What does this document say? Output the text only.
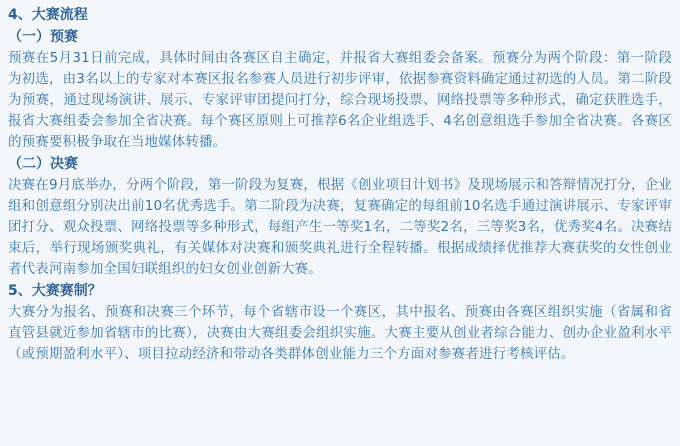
4、大赛流程
（一）预赛

预赛在5月31日前完成，具体时间由各赛区自主确定，并报省大赛组委会备案。预赛分为两个阶段：第一阶段为初选，由3名以上的专家对本赛区报名参赛人员进行初步评审，依据参赛资料确定通过初选的人员。第二阶段为预赛，通过现场演讲、展示、专家评审团提问打分，综合现场投票、网络投票等多种形式，确定获胜选手，报省大赛组委会参加全省决赛。每个赛区原则上可推荐6名企业组选手、4名创意组选手参加全省决赛。各赛区的预赛要积极争取在当地媒体转播。

（二）决赛

决赛在9月底举办，分两个阶段，第一阶段为复赛，根据《创业项目计划书》及现场展示和答辩情况打分，企业组和创意组分别决出前10名优秀选手。第二阶段为决赛，复赛确定的每组前10名选手通过演讲展示、专家评审团打分、观众投票、网络投票等多种形式，每组产生一等奖1名，二等奖2名，三等奖3名，优秀奖4名。决赛结束后，举行现场颁奖典礼，有关媒体对决赛和颁奖典礼进行全程转播。根据成绩择优推荐大赛获奖的女性创业者代表河南参加全国妇联组织的妇女创业创新大赛。

5、大赛赛制？

大赛分为报名、预赛和决赛三个环节，每个省辖市设一个赛区，其中报名、预赛由各赛区组织实施（省属和省直管县就近参加省辖市的比赛），决赛由大赛组委会组织实施。大赛主要从创业者综合能力、创办企业盈利水平（或预期盈利水平）、项目拉动经济和带动各类群体创业能力三个方面对参赛者进行考核评估。
